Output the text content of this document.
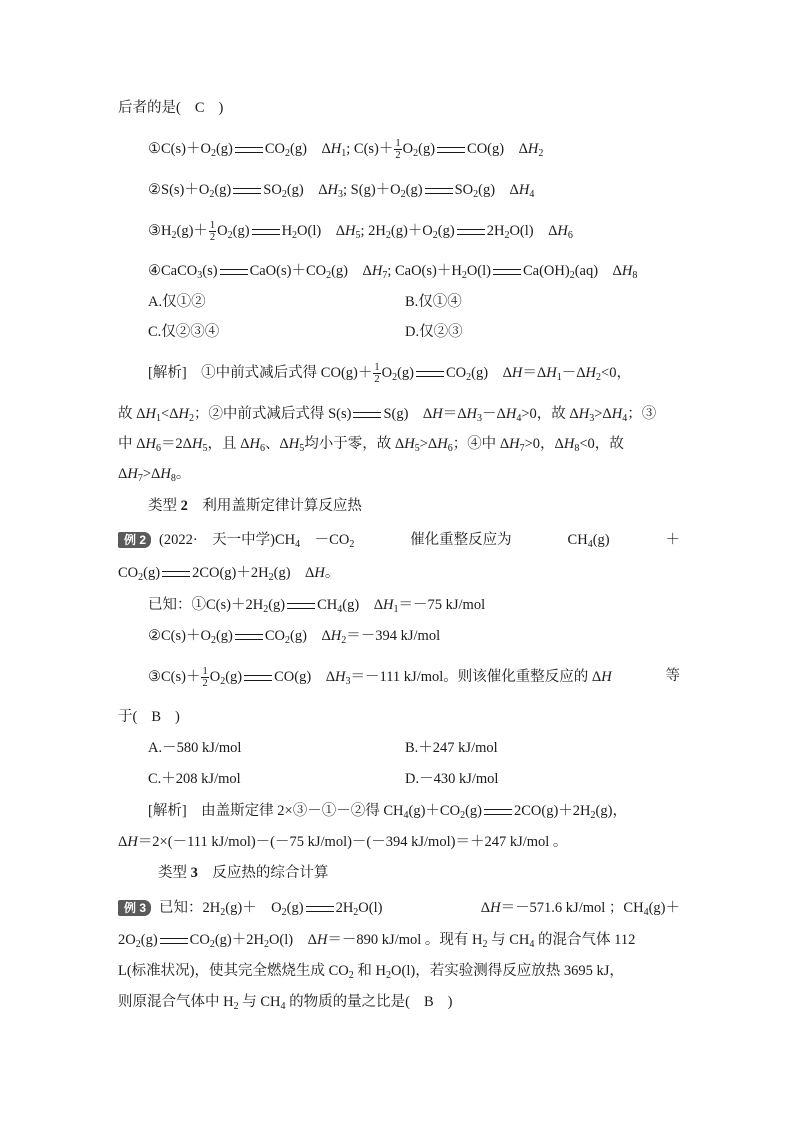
后者的是( C )
$①C(s)+O_2(g)$ $CO_2(g)$　$\Delta H_1$; $C(s)+ \frac{1}{2} O_2(g)$ CO(g)　$\Delta H_2$
$②S(s)+O_2(g)$ $SO_2(g)$　$\Delta H_3$; $S(g)+O_2(g)$ $SO_2(g)$　$\Delta H_4$
$③H_2(g)+ \frac{1}{2} O_2(g)$ $H_2O(l)$　$\Delta H_5$; $2H_2(g)+O_2(g)$ $2H_2O(l)$　$\Delta H_6$
④CaCO$_3$(s) $CaO(s)+CO_2(g)$　$\Delta H_7$; $CaO(s)+H_2O(l)$ $Ca(OH)_2(aq)$　$\Delta H_8$
A.仅①②	B.仅①④
C.仅②③④	D.仅②③
[解析]　 ①中前式减后式得 $CO(g)+ \frac{1}{2} O_2(g)$ $CO_2(g)$　$\Delta H=\Delta H_1-\Delta H_2<0$，
故 $\Delta H_1<\Delta H_2$；②中前式减后式得 S(s) S(g)　$\Delta H=\Delta H_3-\Delta H_4>0$，故 $\Delta H_3>\Delta H_4$；③
中 $\Delta H_6=2\Delta H_5$，且 $\Delta H_6$、$\Delta H_5$均小于零，故 $\Delta H_5>\Delta H_6$；④中 $\Delta H_7>0$，$\Delta H_8<0$，故
$\Delta H_7>\Delta H_8$。
类型 2　 利用盖斯定律计算反应热
例 2 (2022·　天一中学)$CH_4$　 $-CO_2$	催化重整反应为	$CH_4(g)$	＋
$CO_2(g)$ $2CO(g)+2H_2(g)$　ΔH。
已知：$①C(s)+2H_2(g)$ $CH_4(g)$　$\Delta H_1=-75$ kJ/mol
$②C(s)+O_2(g)$ $CO_2(g)$　$\Delta H_2=-394$ kJ/mol
③C(s)＋ $\frac{1}{2} O_2(g)$ CO(g)　$\Delta H_3=-111$ kJ/mol。则该催化重整反应的 ΔH	等
于( B )
A.－580 kJ/mol	B.＋247 kJ/mol
C.＋208 kJ/mol	D.－430 kJ/mol
[解析]　 由盖斯定律 2×③－①－②得 $CH_4(g)+CO_2(g)$ $2CO(g)+2H_2(g)$，
ΔH＝2×(－111 kJ/mol)－(－75 kJ/mol)－(－394 kJ/mol)＝＋247 kJ/mol 。
类型 3　 反应热的综合计算
例 3 已知：$2H_2(g)+$　$O_2(g)$ $2H_2O(l)$	ΔH＝－571.6 kJ/mol ；$CH_4(g)+$
$2O_2(g)$ $CO_2(g)+2H_2O(l)$　ΔH＝－890 kJ/mol 。现有 $H_2$ 与 $CH_4$ 的混合气体 112
L(标准状况)，使其完全燃烧生成 $CO_2$ 和 $H_2O(l)$，若实验测得反应放热 3695 kJ，
则原混合气体中 $H_2$ 与 $CH_4$ 的物质的量之比是( B )
